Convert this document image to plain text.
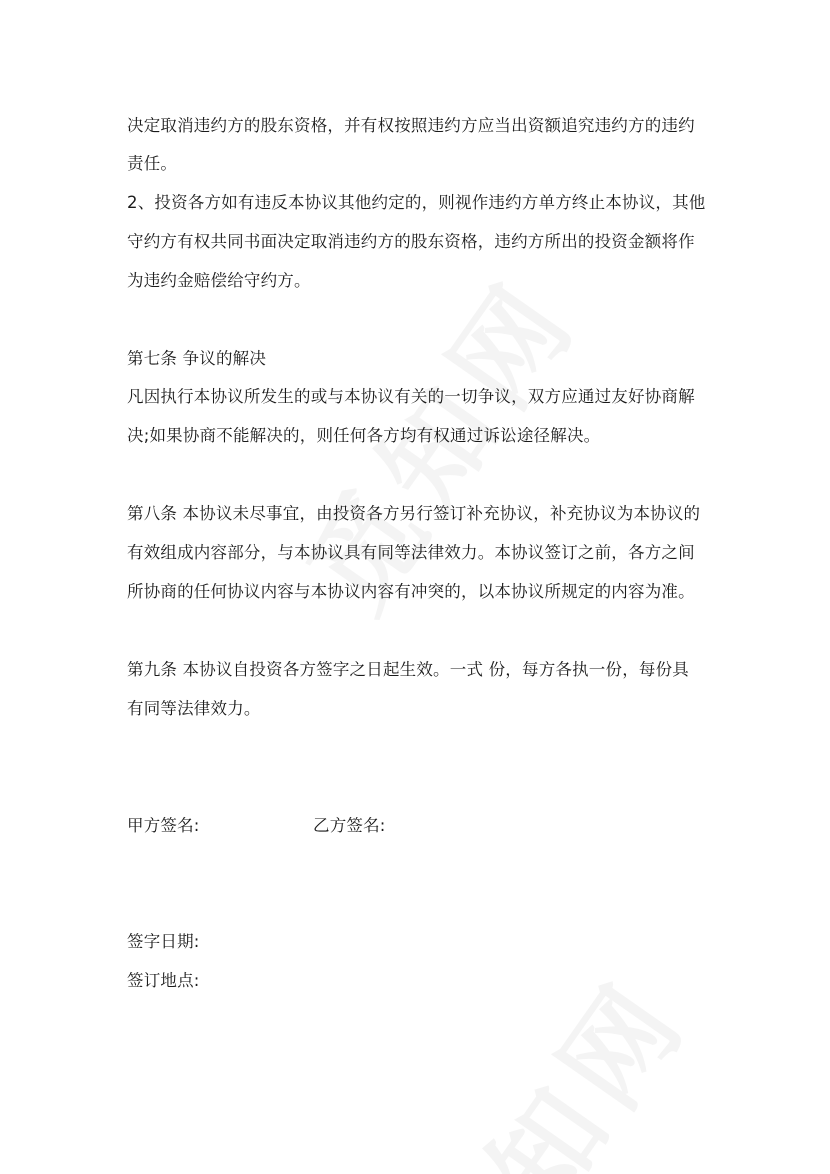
决定取消违约方的股东资格，并有权按照违约方应当出资额追究违约方的违约
责任。
2、投资各方如有违反本协议其他约定的，则视作违约方单方终止本协议，其他
守约方有权共同书面决定取消违约方的股东资格，违约方所出的投资金额将作
为违约金赔偿给守约方。
第七条 争议的解决
凡因执行本协议所发生的或与本协议有关的一切争议，双方应通过友好协商解
决;如果协商不能解决的，则任何各方均有权通过诉讼途径解决。
第八条 本协议未尽事宜，由投资各方另行签订补充协议，补充协议为本协议的
有效组成内容部分，与本协议具有同等法律效力。本协议签订之前，各方之间
所协商的任何协议内容与本协议内容有冲突的，以本协议所规定的内容为准。
第九条 本协议自投资各方签字之日起生效。一式 份，每方各执一份，每份具
有同等法律效力。
甲方签名:	乙方签名:
签字日期:
签订地点:
